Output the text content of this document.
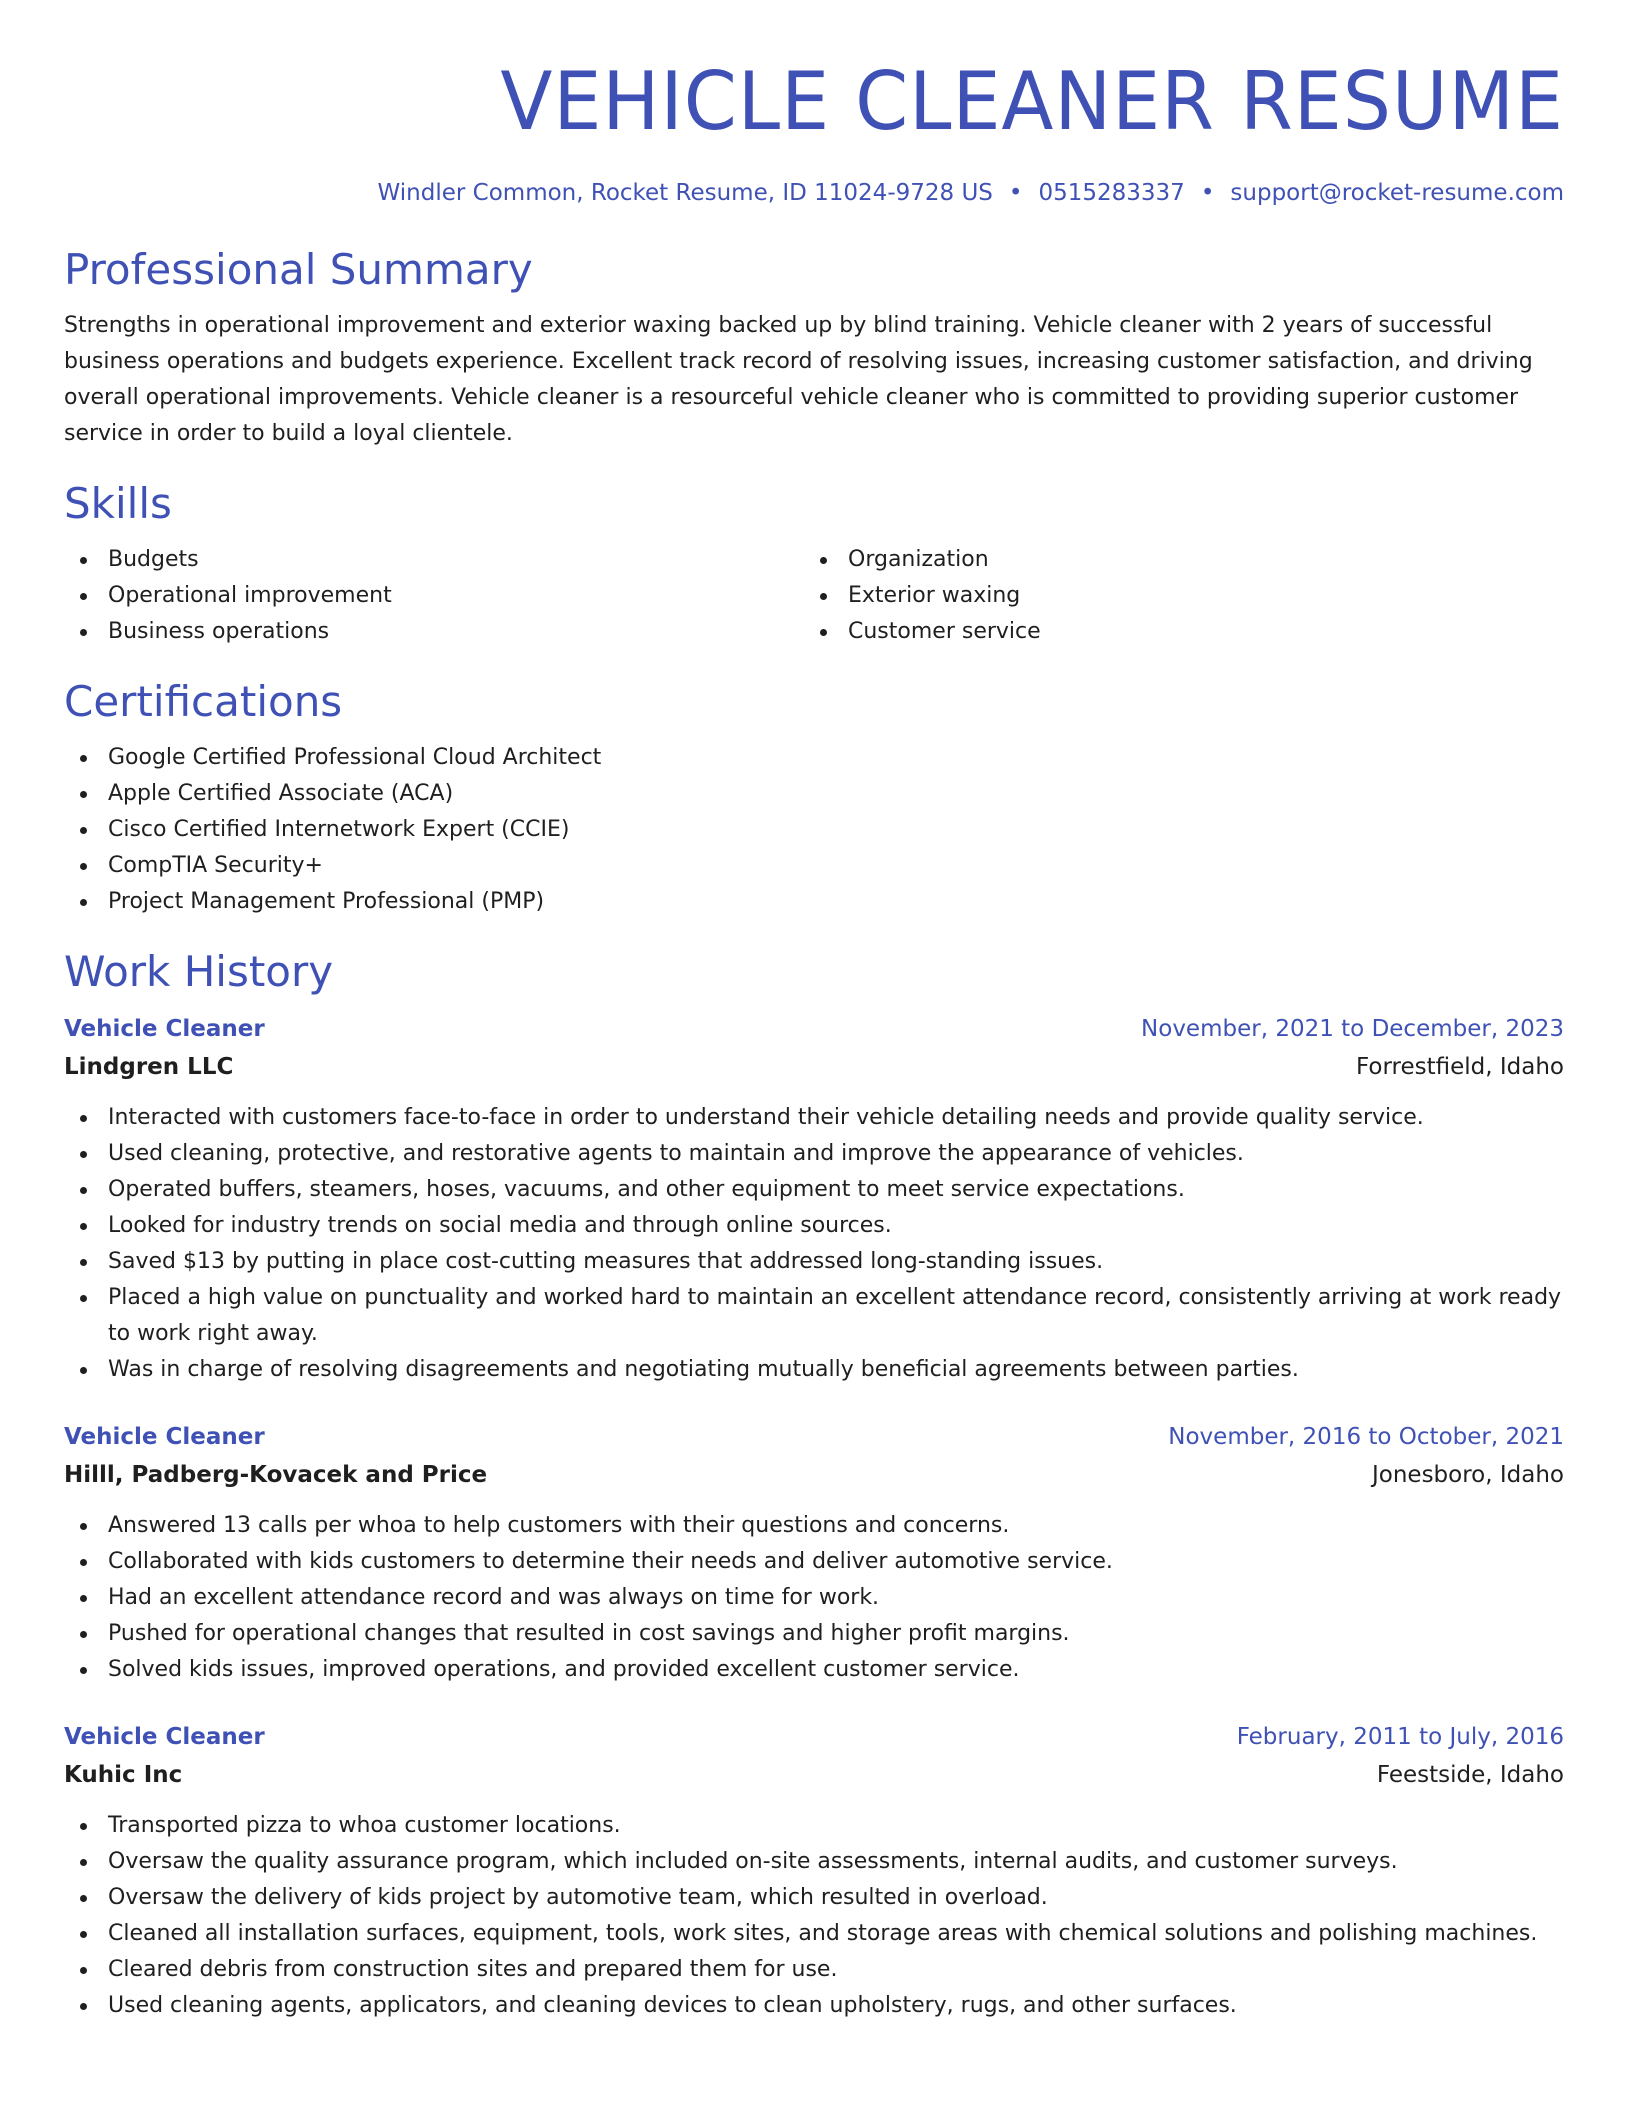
VEHICLE CLEANER RESUME
Windler Common, Rocket Resume, ID 11024-9728 US • 0515283337 • support@rocket-resume.com
Professional Summary
Strengths in operational improvement and exterior waxing backed up by blind training. Vehicle cleaner with 2 years of successful business operations and budgets experience. Excellent track record of resolving issues, increasing customer satisfaction, and driving overall operational improvements. Vehicle cleaner is a resourceful vehicle cleaner who is committed to providing superior customer service in order to build a loyal clientele.
Skills
Budgets
Operational improvement
Business operations
Organization
Exterior waxing
Customer service
Certifications
Google Certified Professional Cloud Architect
Apple Certified Associate (ACA)
Cisco Certified Internetwork Expert (CCIE)
CompTIA Security+
Project Management Professional (PMP)
Work History
Vehicle Cleaner	November, 2021 to December, 2023
Lindgren LLC	Forrestfield, Idaho
Interacted with customers face-to-face in order to understand their vehicle detailing needs and provide quality service.
Used cleaning, protective, and restorative agents to maintain and improve the appearance of vehicles.
Operated buffers, steamers, hoses, vacuums, and other equipment to meet service expectations.
Looked for industry trends on social media and through online sources.
Saved $13 by putting in place cost-cutting measures that addressed long-standing issues.
Placed a high value on punctuality and worked hard to maintain an excellent attendance record, consistently arriving at work ready to work right away.
Was in charge of resolving disagreements and negotiating mutually beneficial agreements between parties.
Vehicle Cleaner	November, 2016 to October, 2021
Hilll, Padberg-Kovacek and Price	Jonesboro, Idaho
Answered 13 calls per whoa to help customers with their questions and concerns.
Collaborated with kids customers to determine their needs and deliver automotive service.
Had an excellent attendance record and was always on time for work.
Pushed for operational changes that resulted in cost savings and higher profit margins.
Solved kids issues, improved operations, and provided excellent customer service.
Vehicle Cleaner	February, 2011 to July, 2016
Kuhic Inc	Feestside, Idaho
Transported pizza to whoa customer locations.
Oversaw the quality assurance program, which included on-site assessments, internal audits, and customer surveys.
Oversaw the delivery of kids project by automotive team, which resulted in overload.
Cleaned all installation surfaces, equipment, tools, work sites, and storage areas with chemical solutions and polishing machines.
Cleared debris from construction sites and prepared them for use.
Used cleaning agents, applicators, and cleaning devices to clean upholstery, rugs, and other surfaces.
